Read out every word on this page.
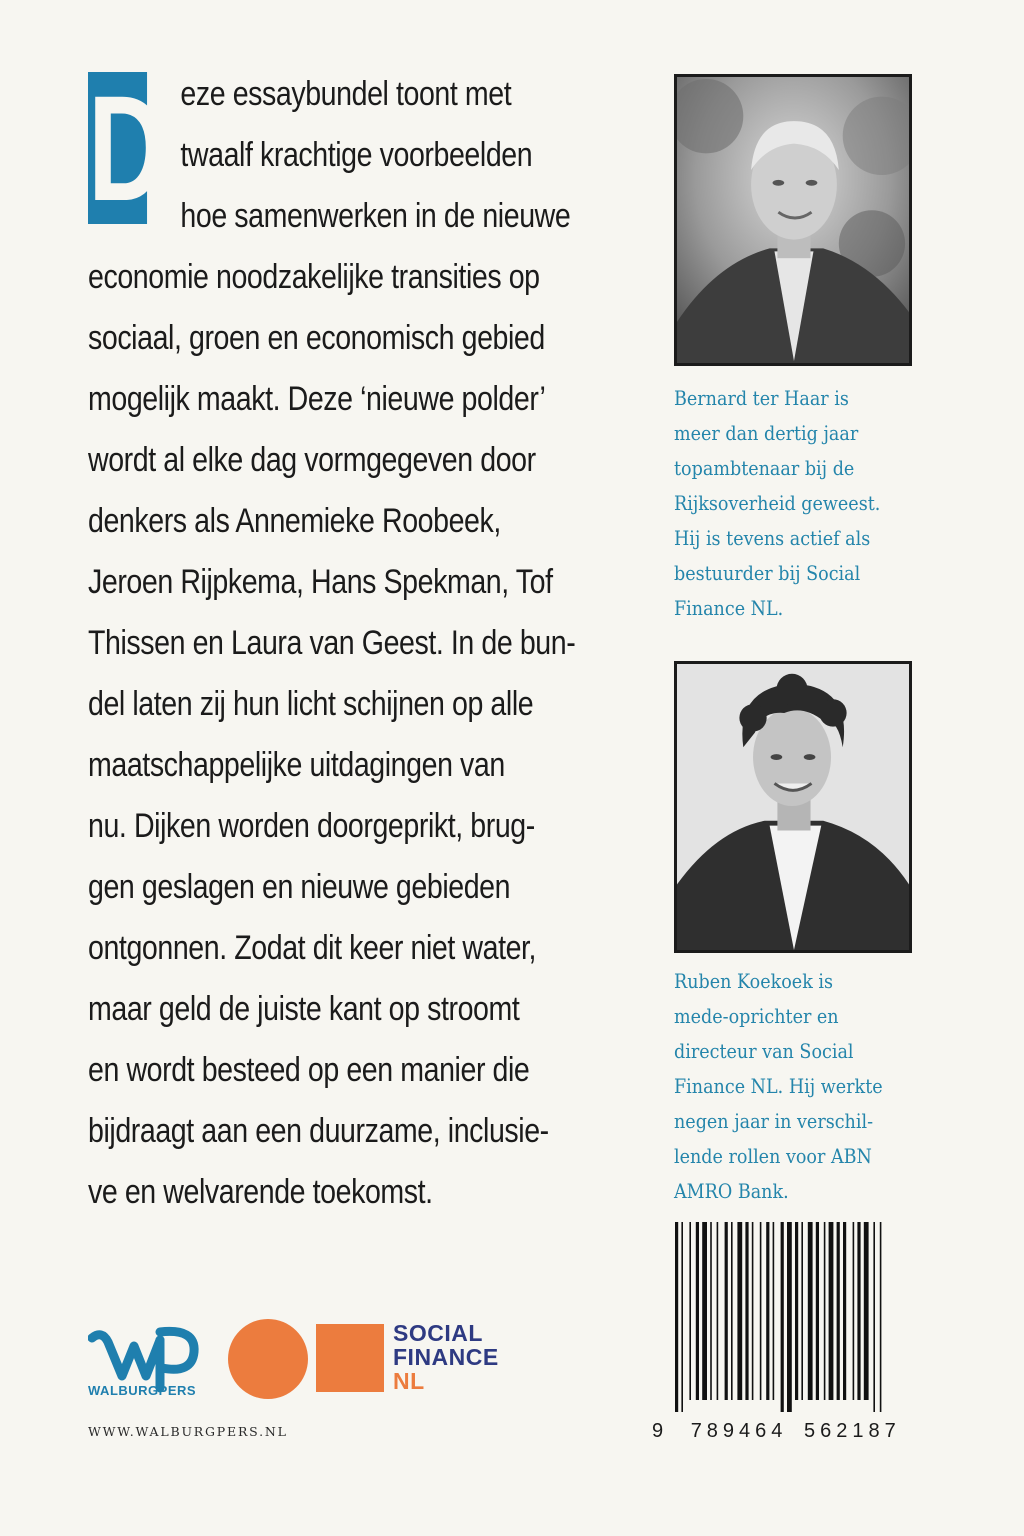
D eze essaybundel toont met
twaalf krachtige voorbeelden
hoe samenwerken in de nieuwe
economie noodzakelijke transities op
sociaal, groen en economisch gebied
mogelijk maakt. Deze ‘nieuwe polder’
wordt al elke dag vormgegeven door
denkers als Annemieke Roobeek,
Jeroen Rijpkema, Hans Spekman, Tof
Thissen en Laura van Geest. In de bun-
del laten zij hun licht schijnen op alle
maatschappelijke uitdagingen van
nu. Dijken worden doorgeprikt, brug-
gen geslagen en nieuwe gebieden
ontgonnen. Zodat dit keer niet water,
maar geld de juiste kant op stroomt
en wordt besteed op een manier die
bijdraagt aan een duurzame, inclusie-
ve en welvarende toekomst.
Bernard ter Haar is
meer dan dertig jaar
topambtenaar bij de
Rijksoverheid geweest.
Hij is tevens actief als
bestuurder bij Social
Finance NL.
Ruben Koekoek is
mede-oprichter en
directeur van Social
Finance NL. Hij werkte
negen jaar in verschil-
lende rollen voor ABN
AMRO Bank.
9 789464 562187
WALBURGPERS
SOCIAL
FINANCE
NL
WWW.WALBURGPERS.NL
